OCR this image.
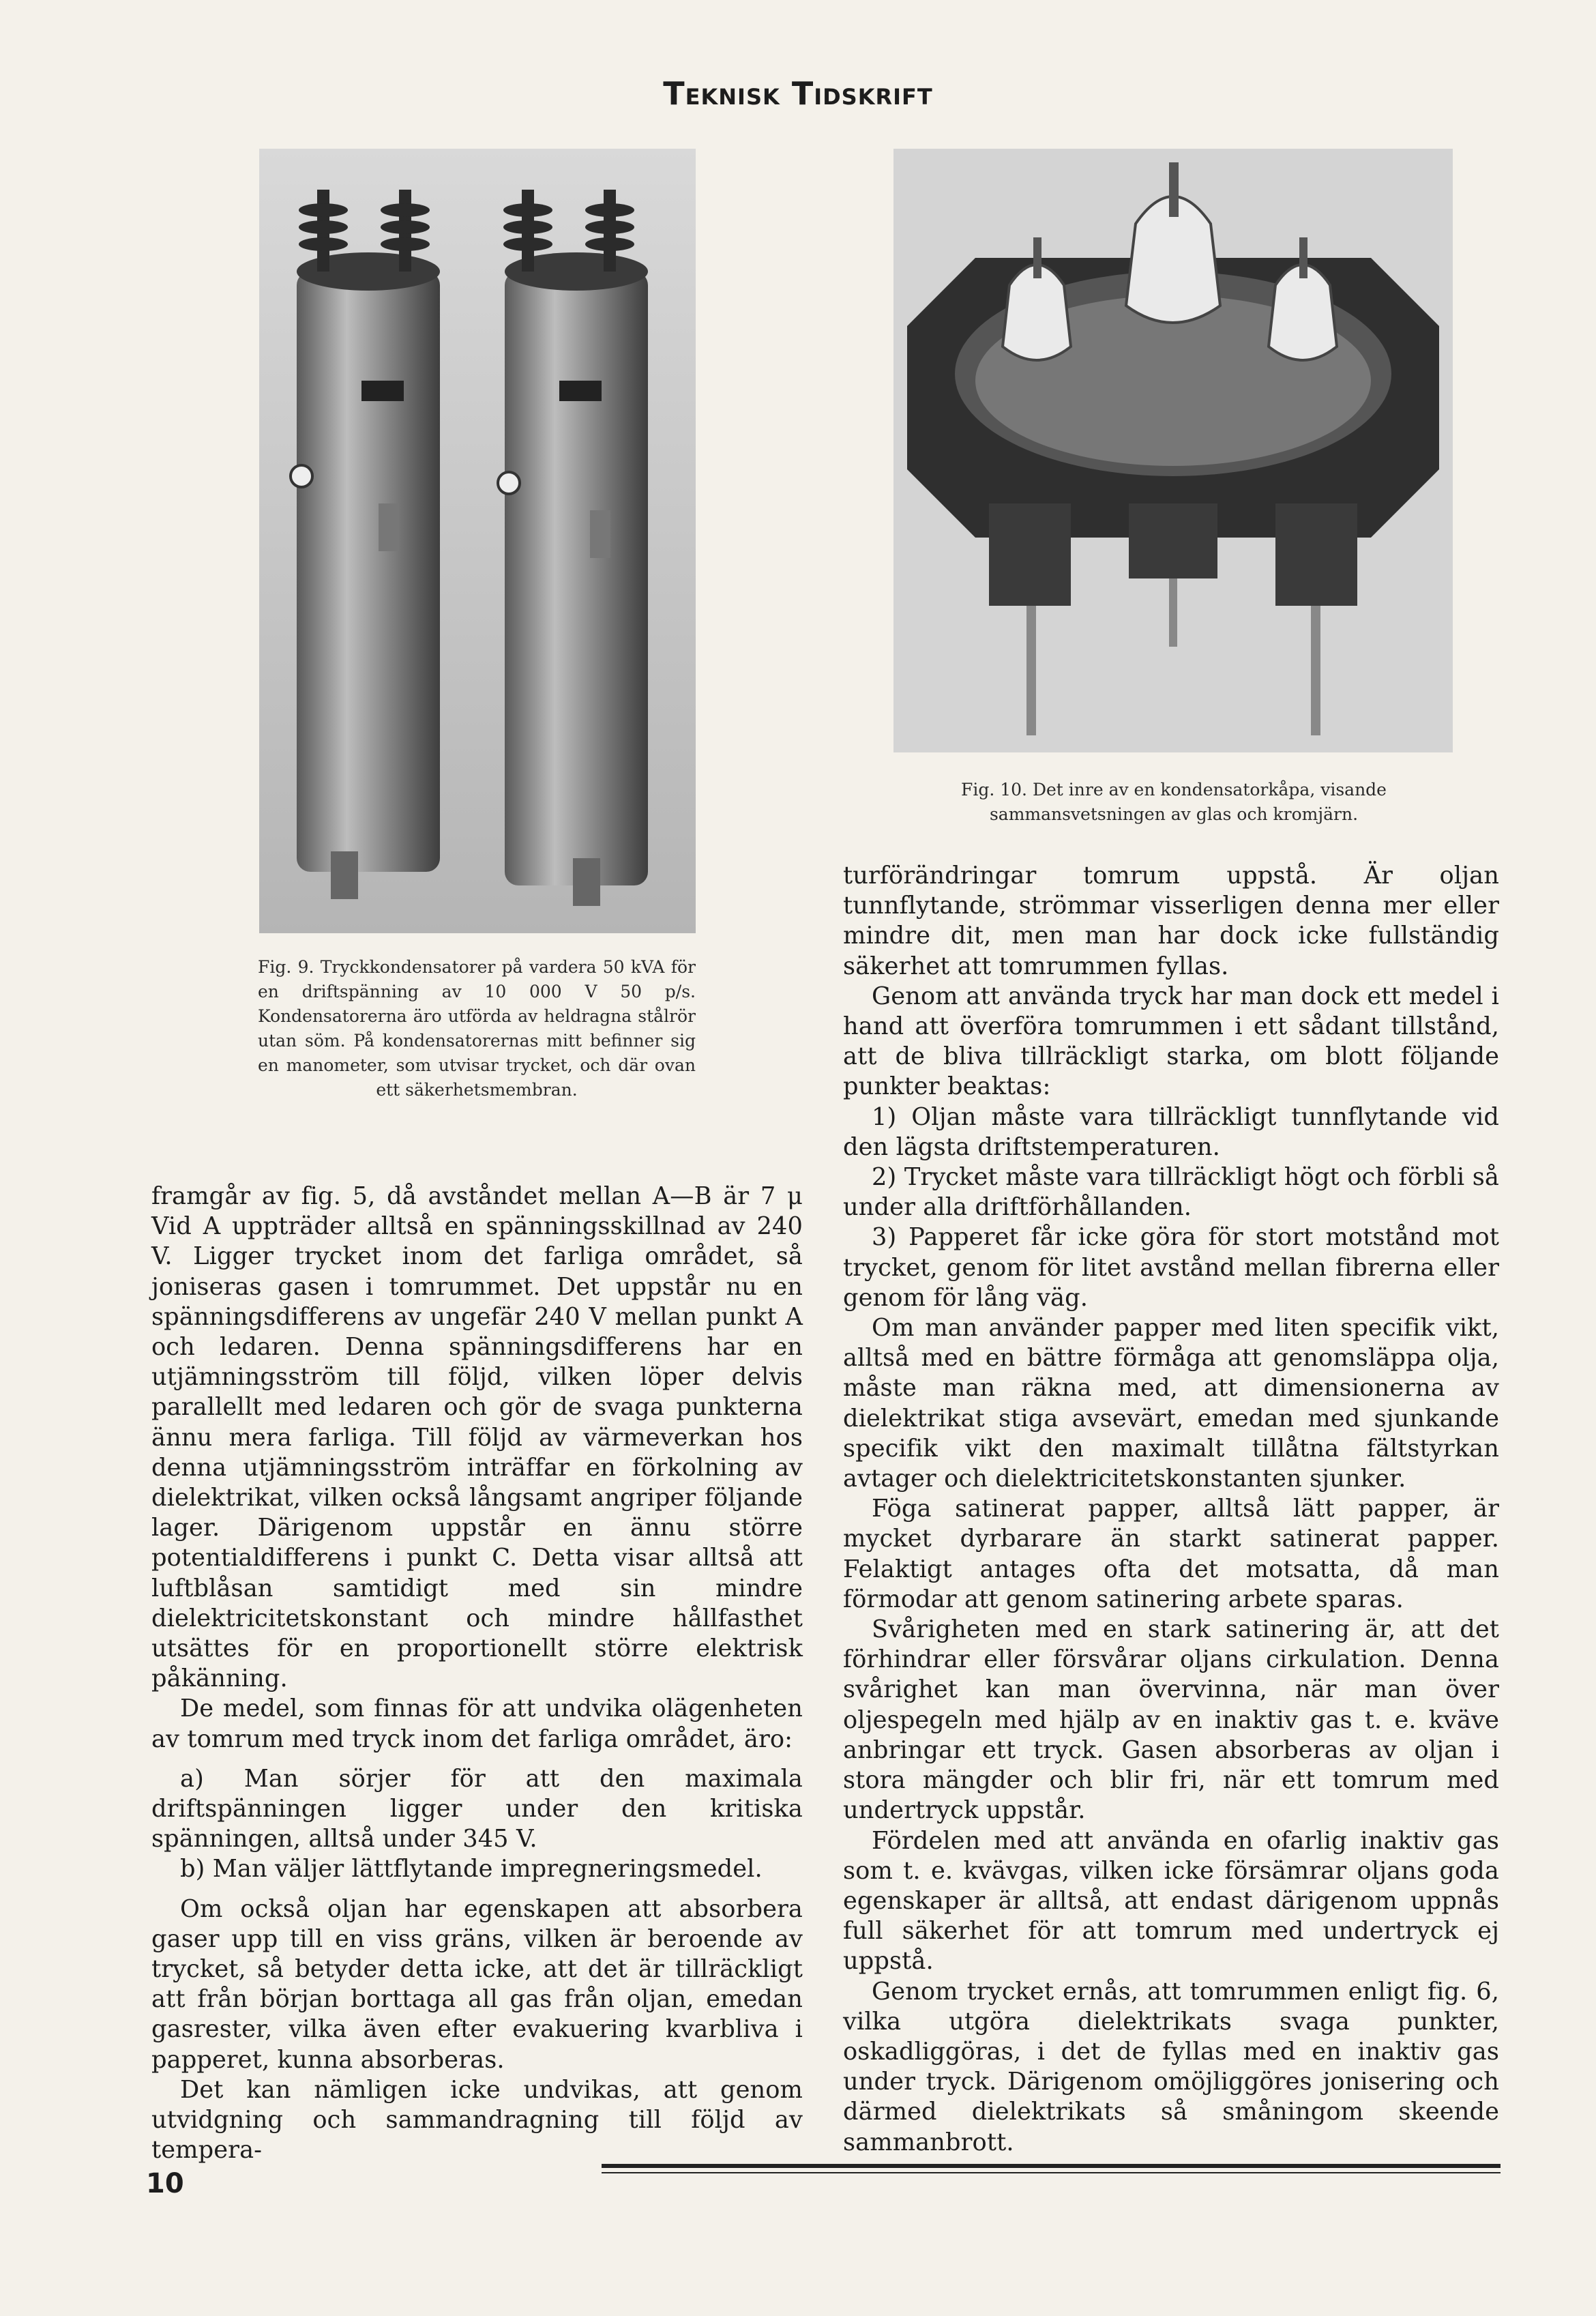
Teknisk Tidskrift
Fig. 9. Tryckkondensatorer på vardera 50 kVA för en driftspänning av 10 000 V 50 p/s. Kondensatorerna äro utförda av heldragna stålrör utan söm. På kondensatorernas mitt befinner sig en manometer, som utvisar trycket, och där ovan ett säkerhetsmembran.
Fig. 10. Det inre av en kondensatorkåpa, visande sammansvetsningen av glas och kromjärn.

framgår av fig. 5, då avståndet mellan A—B är 7 μ Vid A uppträder alltså en spänningsskillnad av 240 V. Ligger trycket inom det farliga området, så joniseras gasen i tomrummet. Det uppstår nu en spänningsdifferens av ungefär 240 V mellan punkt A och ledaren. Denna spänningsdifferens har en utjämningsström till följd, vilken löper delvis parallellt med ledaren och gör de svaga punkterna ännu mera farliga. Till följd av värmeverkan hos denna utjämningsström inträffar en förkolning av dielektrikat, vilken också långsamt angriper följande lager. Därigenom uppstår en ännu större potentialdifferens i punkt C. Detta visar alltså att luftblåsan samtidigt med sin mindre dielektricitetskonstant och mindre hållfasthet utsättes för en proportionellt större elektrisk påkänning.

De medel, som finnas för att undvika olägenheten av tomrum med tryck inom det farliga området, äro:

a) Man sörjer för att den maximala driftspänningen ligger under den kritiska spänningen, alltså under 345 V.

b) Man väljer lättflytande impregneringsmedel.

Om också oljan har egenskapen att absorbera gaser upp till en viss gräns, vilken är beroende av trycket, så betyder detta icke, att det är tillräckligt att från början borttaga all gas från oljan, emedan gasrester, vilka även efter evakuering kvarbliva i papperet, kunna absorberas.

Det kan nämligen icke undvikas, att genom utvidgning och sammandragning till följd av tempera-

turförändringar tomrum uppstå. Är oljan tunnflytande, strömmar visserligen denna mer eller mindre dit, men man har dock icke fullständig säkerhet att tomrummen fyllas.

Genom att använda tryck har man dock ett medel i hand att överföra tomrummen i ett sådant tillstånd, att de bliva tillräckligt starka, om blott följande punkter beaktas:

1) Oljan måste vara tillräckligt tunnflytande vid den lägsta driftstemperaturen.

2) Trycket måste vara tillräckligt högt och förbli så under alla driftförhållanden.

3) Papperet får icke göra för stort motstånd mot trycket, genom för litet avstånd mellan fibrerna eller genom för lång väg.

Om man använder papper med liten specifik vikt, alltså med en bättre förmåga att genomsläppa olja, måste man räkna med, att dimensionerna av dielektrikat stiga avsevärt, emedan med sjunkande specifik vikt den maximalt tillåtna fältstyrkan avtager och dielektricitetskonstanten sjunker.

Föga satinerat papper, alltså lätt papper, är mycket dyrbarare än starkt satinerat papper. Felaktigt antages ofta det motsatta, då man förmodar att genom satinering arbete sparas.

Svårigheten med en stark satinering är, att det förhindrar eller försvårar oljans cirkulation. Denna svårighet kan man övervinna, när man över oljespegeln med hjälp av en inaktiv gas t. e. kväve anbringar ett tryck. Gasen absorberas av oljan i stora mängder och blir fri, när ett tomrum med undertryck uppstår.

Fördelen med att använda en ofarlig inaktiv gas som t. e. kvävgas, vilken icke försämrar oljans goda egenskaper är alltså, att endast därigenom uppnås full säkerhet för att tomrum med undertryck ej uppstå.

Genom trycket ernås, att tomrummen enligt fig. 6, vilka utgöra dielektrikats svaga punkter, oskadliggöras, i det de fyllas med en inaktiv gas under tryck. Därigenom omöjliggöres jonisering och därmed dielektrikats så småningom skeende sammanbrott.

10
